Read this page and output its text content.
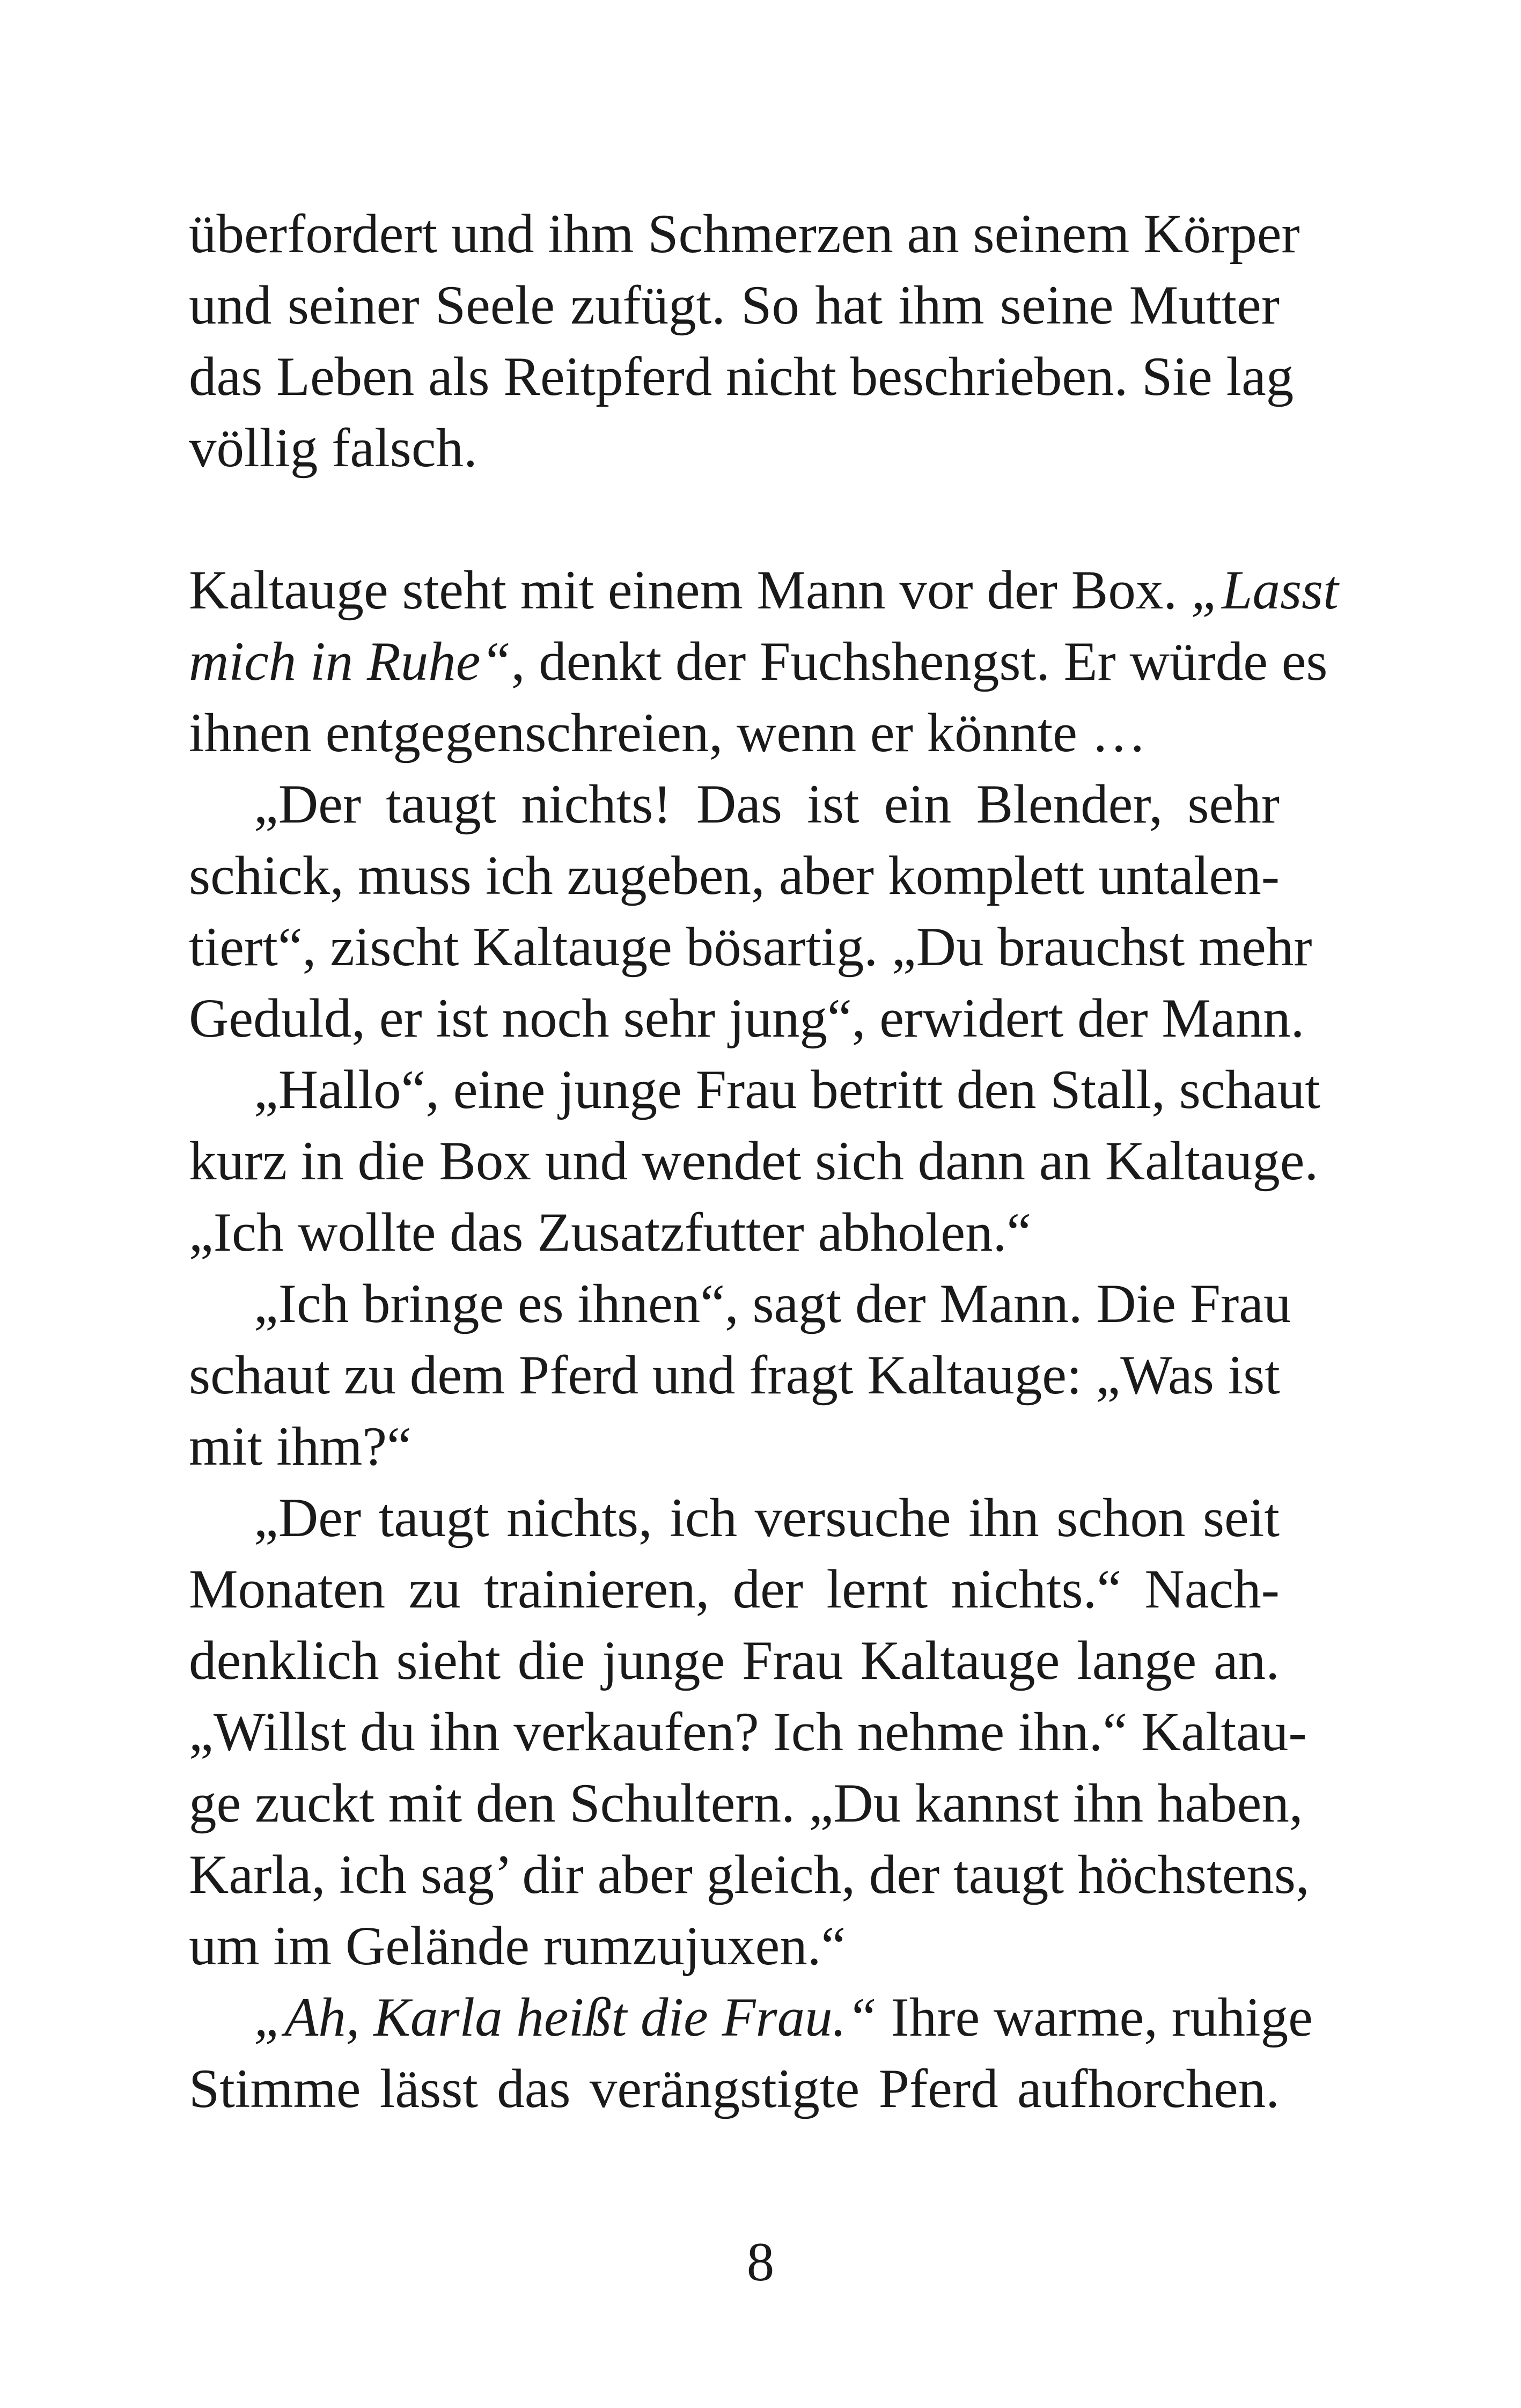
überfordert und ihm Schmerzen an seinem Körper
und seiner Seele zufügt. So hat ihm seine Mutter
das Leben als Reitpferd nicht beschrieben. Sie lag
völlig falsch.
Kaltauge steht mit einem Mann vor der Box. „Lasst
mich in Ruhe“, denkt der Fuchshengst. Er würde es
ihnen entgegenschreien, wenn er könnte …
„Der taugt nichts! Das ist ein Blender, sehr
schick, muss ich zugeben, aber komplett untalen-
tiert“, zischt Kaltauge bösartig. „Du brauchst mehr
Geduld, er ist noch sehr jung“, erwidert der Mann.
„Hallo“, eine junge Frau betritt den Stall, schaut
kurz in die Box und wendet sich dann an Kaltauge.
„Ich wollte das Zusatzfutter abholen.“
„Ich bringe es ihnen“, sagt der Mann. Die Frau
schaut zu dem Pferd und fragt Kaltauge: „Was ist
mit ihm?“
„Der taugt nichts, ich versuche ihn schon seit
Monaten zu trainieren, der lernt nichts.“ Nach-
denklich sieht die junge Frau Kaltauge lange an.
„Willst du ihn verkaufen? Ich nehme ihn.“ Kaltau-
ge zuckt mit den Schultern. „Du kannst ihn haben,
Karla, ich sag’ dir aber gleich, der taugt höchstens,
um im Gelände rumzujuxen.“
„Ah, Karla heißt die Frau.“ Ihre warme, ruhige
Stimme lässt das verängstigte Pferd aufhorchen.
8
